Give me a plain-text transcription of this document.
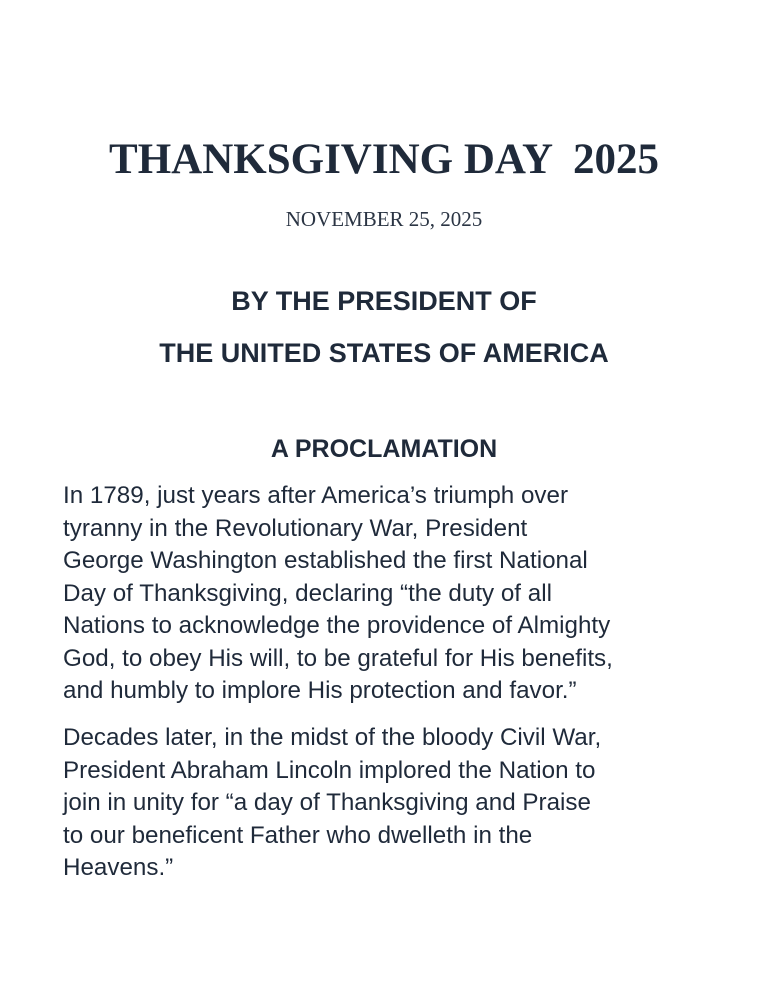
THANKSGIVING DAY  2025
NOVEMBER 25, 2025
BY THE PRESIDENT OF
THE UNITED STATES OF AMERICA
A PROCLAMATION

In 1789, just years after America’s triumph over
tyranny in the Revolutionary War, President
George Washington established the first National
Day of Thanksgiving, declaring “the duty of all
Nations to acknowledge the providence of Almighty
God, to obey His will, to be grateful for His benefits,
and humbly to implore His protection and favor.”

Decades later, in the midst of the bloody Civil War,
President Abraham Lincoln implored the Nation to
join in unity for “a day of Thanksgiving and Praise
to our beneficent Father who dwelleth in the
Heavens.”
